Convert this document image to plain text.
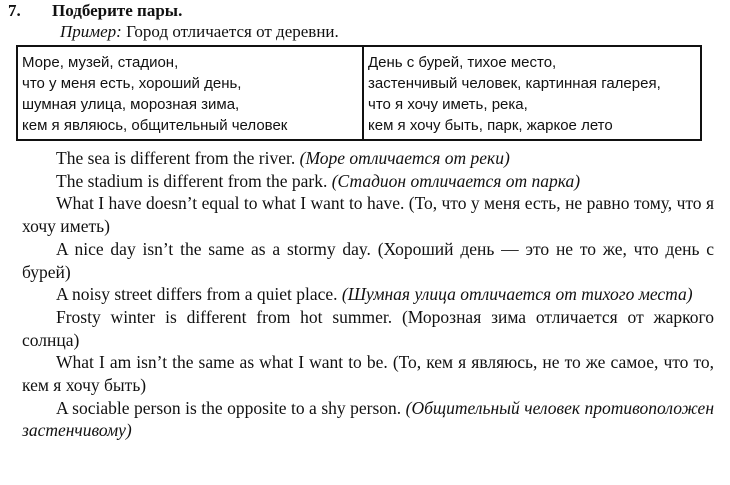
7. Подберите пары.
Пример: Город отличается от деревни.
Море, музей, стадион,
что у меня есть, хороший день,
шумная улица, морозная зима,
кем я являюсь, общительный человек

День с бурей, тихое место,
застенчивый человек, картинная галерея,
что я хочу иметь, река,
кем я хочу быть, парк, жаркое лето

The sea is different from the river. (Море отличается от реки)

The stadium is different from the park. (Стадион отличается от парка)

What I have doesn’t equal to what I want to have. (То, что у меня есть, не равно тому, что я хочу иметь)

A nice day isn’t the same as a stormy day. (Хороший день — это не то же, что день с бурей)

A noisy street differs from a quiet place. (Шумная улица отличается от тихого места)

Frosty winter is different from hot summer. (Морозная зима отличается от жаркого солнца)

What I am isn’t the same as what I want to be. (То, кем я являюсь, не то же самое, что то, кем я хочу быть)

A sociable person is the opposite to a shy person. (Общительный человек противоположен застенчивому)
